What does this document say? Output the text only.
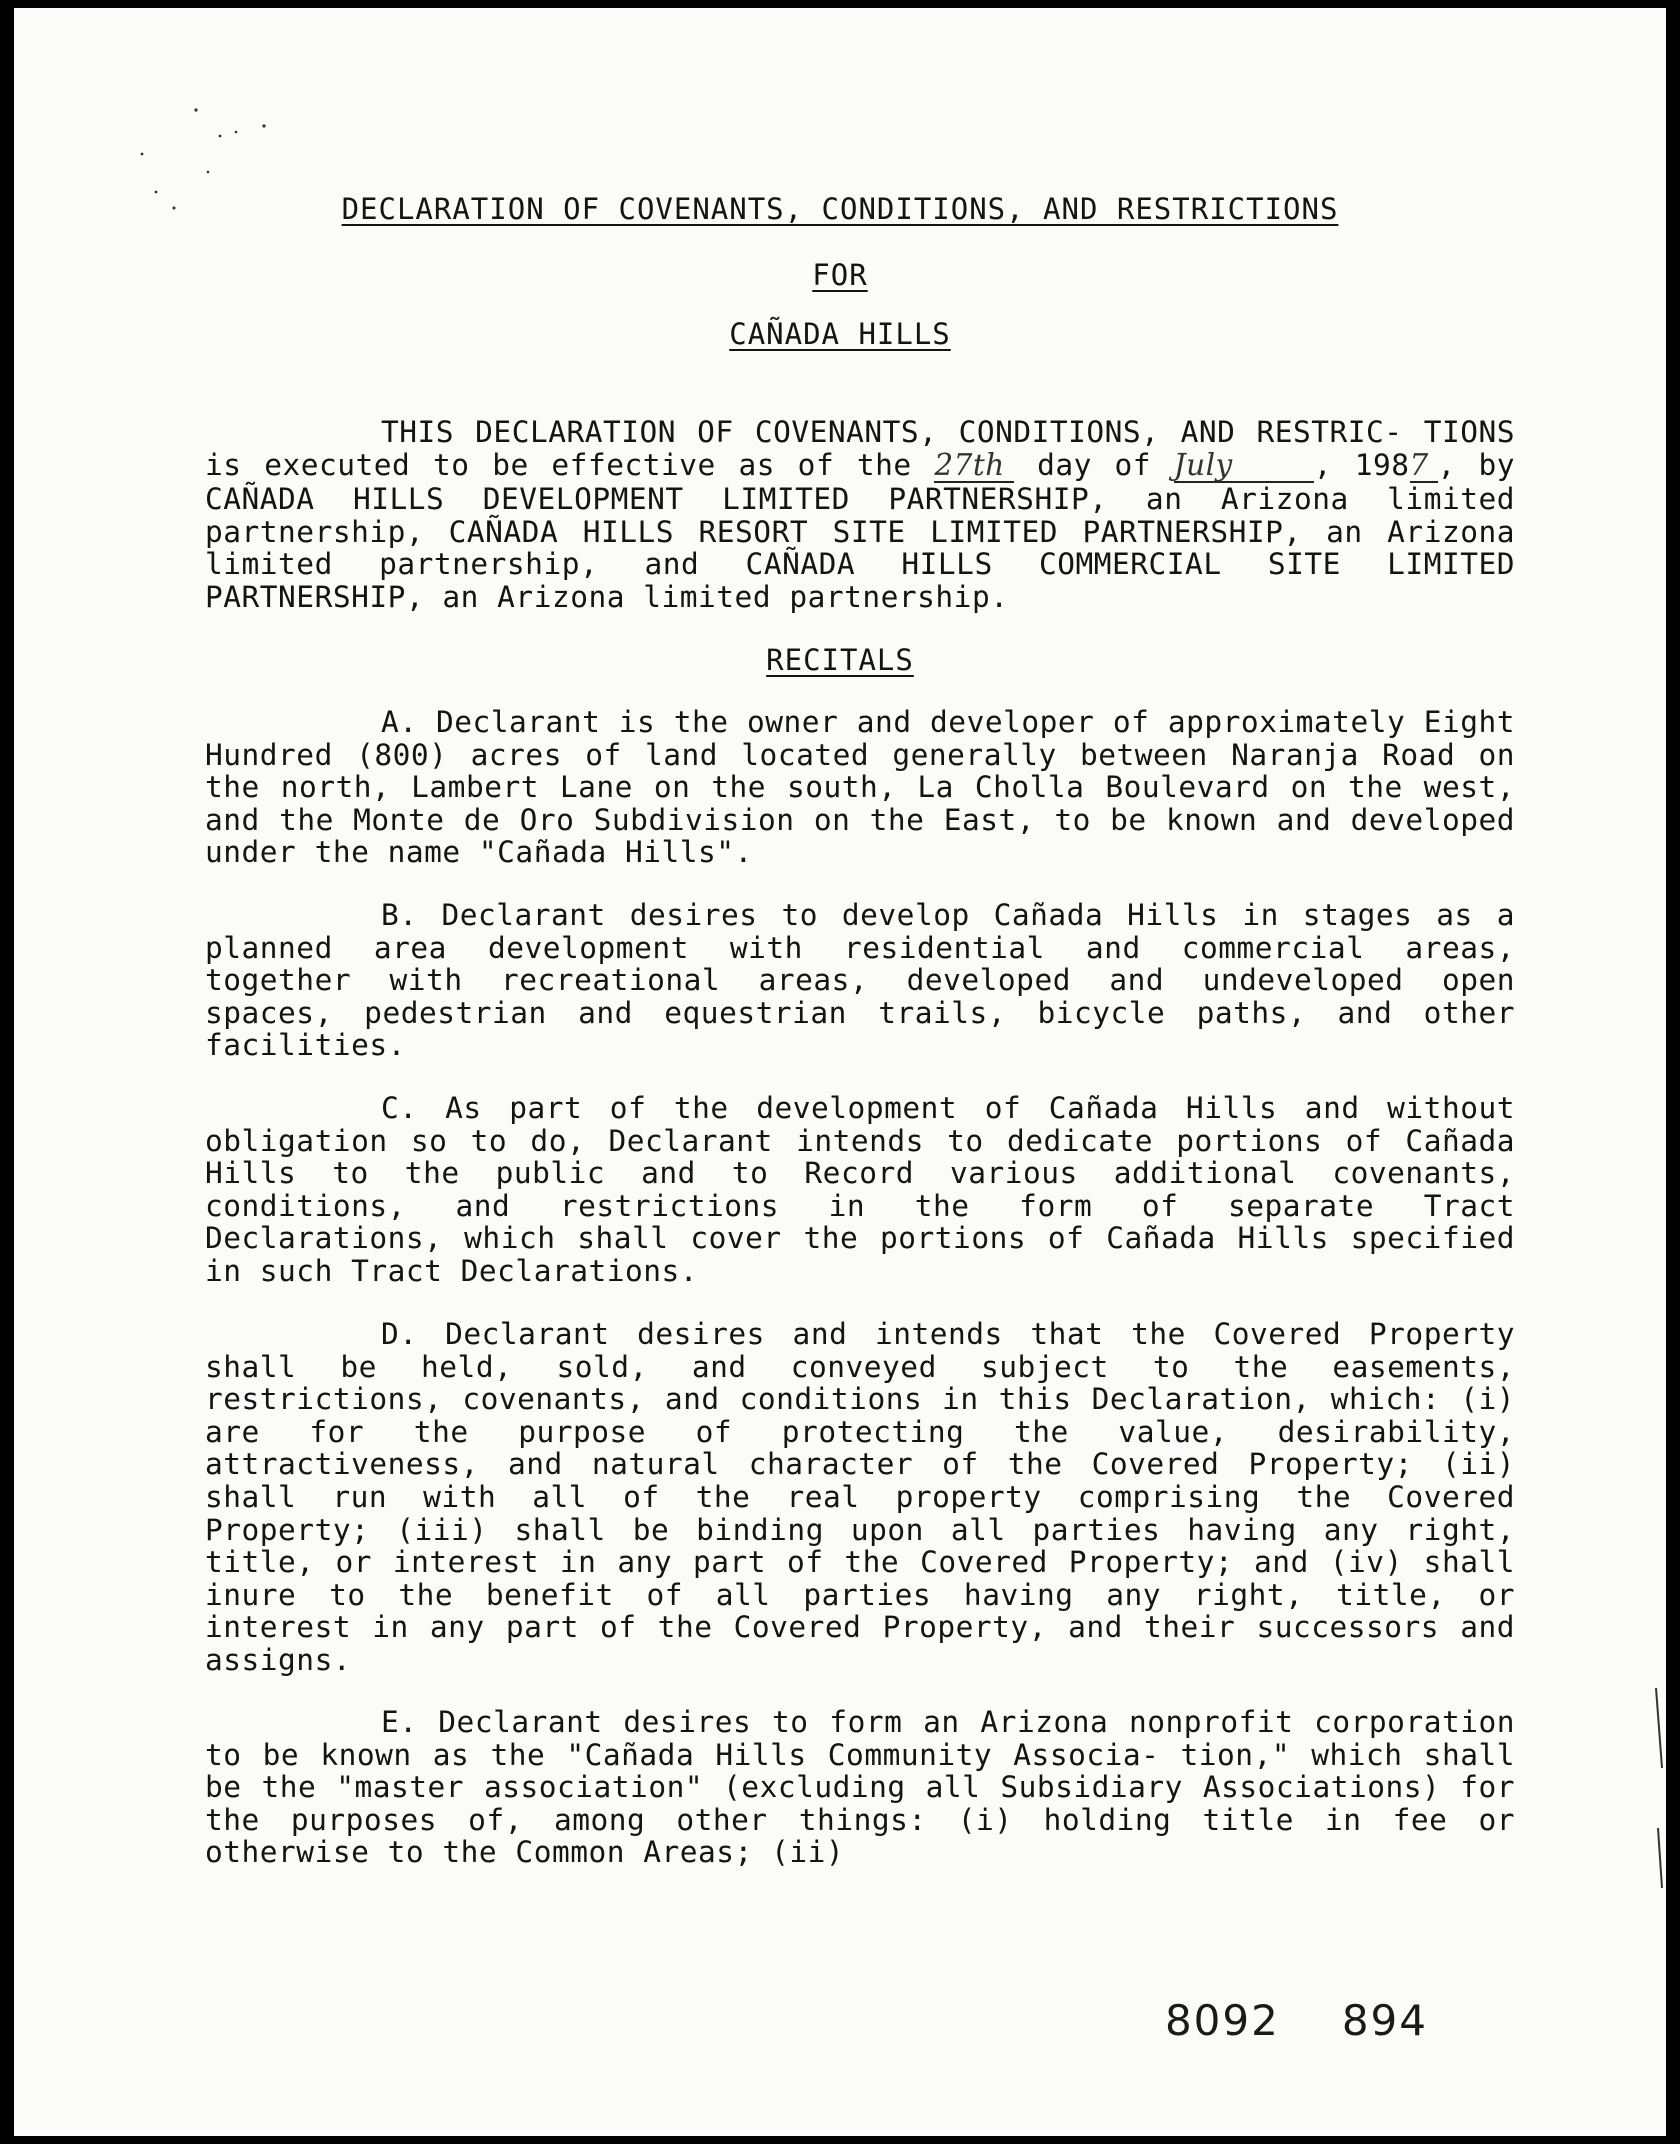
DECLARATION OF COVENANTS, CONDITIONS, AND RESTRICTIONS
FOR
CAÑADA HILLS

THIS DECLARATION OF COVENANTS, CONDITIONS, AND RESTRIC- TIONS is executed to be effective as of the 27th day of July	, 1987 , by CAÑADA HILLS DEVELOPMENT LIMITED PARTNERSHIP, an Arizona limited partnership, CAÑADA HILLS RESORT SITE LIMITED PARTNERSHIP, an Arizona limited partnership, and CAÑADA HILLS COMMERCIAL SITE LIMITED PARTNERSHIP, an Arizona limited partnership.

RECITALS

A. Declarant is the owner and developer of approximately Eight Hundred (800) acres of land located generally between Naranja Road on the north, Lambert Lane on the south, La Cholla Boulevard on the west, and the Monte de Oro Subdivision on the East, to be known and developed under the name "Cañada Hills".

B. Declarant desires to develop Cañada Hills in stages as a planned area development with residential and commercial areas, together with recreational areas, developed and undeveloped open spaces, pedestrian and equestrian trails, bicycle paths, and other facilities.

C. As part of the development of Cañada Hills and without obligation so to do, Declarant intends to dedicate portions of Cañada Hills to the public and to Record various additional covenants, conditions, and restrictions in the form of separate Tract Declarations, which shall cover the portions of Cañada Hills specified in such Tract Declarations.

D. Declarant desires and intends that the Covered Property shall be held, sold, and conveyed subject to the easements, restrictions, covenants, and conditions in this Declaration, which: (i) are for the purpose of protecting the value, desirability, attractiveness, and natural character of the Covered Property; (ii) shall run with all of the real property comprising the Covered Property; (iii) shall be binding upon all parties having any right, title, or interest in any part of the Covered Property; and (iv) shall inure to the benefit of all parties having any right, title, or interest in any part of the Covered Property, and their successors and assigns.

E. Declarant desires to form an Arizona nonprofit corporation to be known as the "Cañada Hills Community Associa- tion," which shall be the "master association" (excluding all Subsidiary Associations) for the purposes of, among other things: (i) holding title in fee or otherwise to the Common Areas; (ii)

8092 894
